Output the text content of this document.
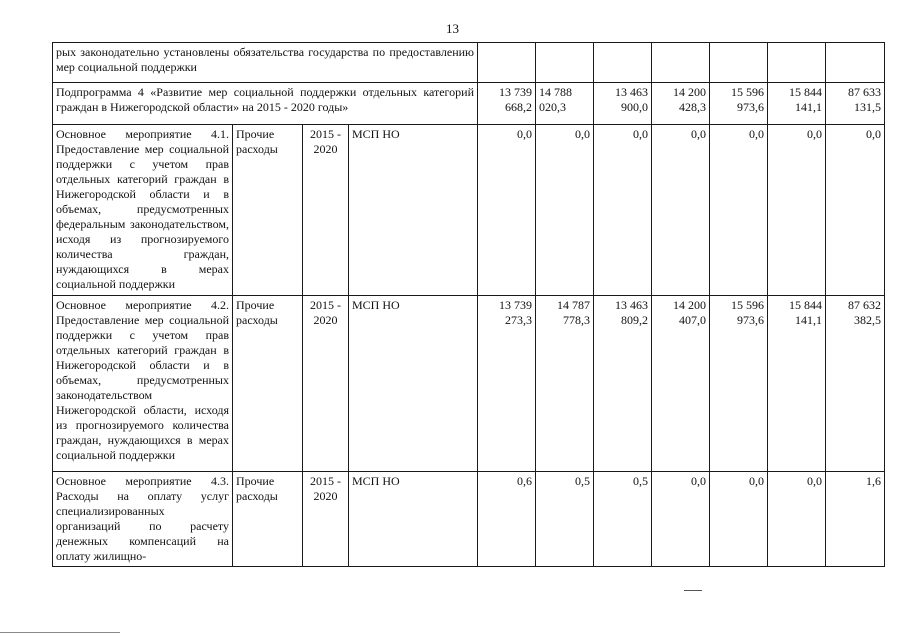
13
рых законодательно установлены обязательства государства по предоставлению мер социальной поддержки										
Подпрограмма 4 «Развитие мер социальной поддержки отдельных категорий граждан в Нижегородской области» на 2015 - 2020 годы»				13 739 668,2	14 788 020,3	13 463 900,0	14 200 428,3	15 596 973,6	15 844 141,1	87 633 131,5
Основное мероприятие 4.1. Предоставление мер социальной поддержки с учетом прав отдельных категорий граждан в Нижегородской области и в объемах, предусмотренных федеральным законодательством, исходя из прогнозируемого количества граждан, нуждающихся в мерах социальной поддержки	Прочие расходы	2015 - 2020	МСП НО	0,0	0,0	0,0	0,0	0,0	0,0	0,0
Основное мероприятие 4.2. Предоставление мер социальной поддержки с учетом прав отдельных категорий граждан в Нижегородской области и в объемах, предусмотренных законодательством Нижегородской области, исходя из прогнозируемого количества граждан, нуждающихся в мерах социальной поддержки	Прочие расходы	2015 - 2020	МСП НО	13 739 273,3	14 787 778,3	13 463 809,2	14 200 407,0	15 596 973,6	15 844 141,1	87 632 382,5
Основное мероприятие 4.3. Расходы на оплату услуг специализированных организаций по расчету денежных компенсаций на оплату жилищно-	Прочие расходы	2015 - 2020	МСП НО	0,6	0,5	0,5	0,0	0,0	0,0	1,6
